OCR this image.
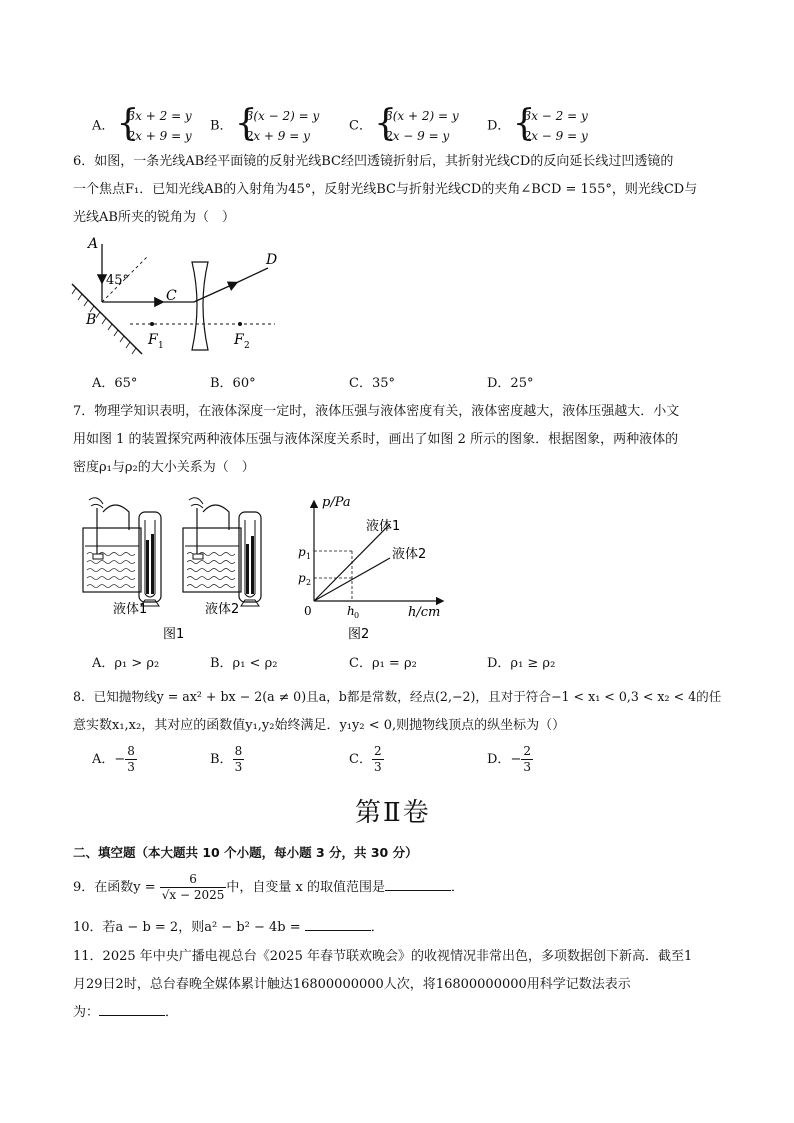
A． { 3x + 2 = y
2x + 9 = y
B． { 3(x − 2) = y
2x + 9 = y
C． { 3(x + 2) = y
2x − 9 = y
D． { 3x − 2 = y
2x − 9 = y
6．如图，一条光线AB经平面镜的反射光线BC经凹透镜折射后，其折射光线CD的反向延长线过凹透镜的
一个焦点F₁．已知光线AB的入射角为45°，反射光线BC与折射光线CD的夹角∠BCD = 155°，则光线CD与
光线AB所夹的锐角为（　）
A
B
C
D
45°
F 1	F 2
A．65°	B．60°	C．35°	D．25°
7．物理学知识表明，在液体深度一定时，液体压强与液体密度有关，液体密度越大，液体压强越大．小文
用如图 1 的装置探究两种液体压强与液体深度关系时，画出了如图 2 所示的图象．根据图象，两种液体的
密度ρ₁与ρ₂的大小关系为（　）
液体1	液体2
图1
p/Pa
h/cm
液体1
液体2
p 1
p 2
h 0
0
图2
A．ρ₁ > ρ₂	B．ρ₁ < ρ₂	C．ρ₁ = ρ₂	D．ρ₁ ≥ ρ₂
8．已知抛物线y = ax² + bx − 2(a ≠ 0)且a，b都是常数，经点(2,−2)，且对于符合−1 < x₁ < 0,3 < x₂ < 4的任
意实数x₁,x₂，其对应的函数值y₁,y₂始终满足．y₁y₂ < 0,则抛物线顶点的纵坐标为（）
A．− $\frac{8}{3}$	B． $\frac{8}{3}$	C． $\frac{2}{3}$	D．− $\frac{2}{3}$
第Ⅱ卷
二、填空题（本大题共 10 个小题，每小题 3 分，共 30 分）
9．在函数$y = \frac{6}{√x - 2025}$ 中，自变量 x 的取值范围是	．
10．若a − b = 2，则a² − b² − 4b =	．
11．2025 年中央广播电视总台《2025 年春节联欢晚会》的收视情况非常出色，多项数据创下新高．截至1
月29日2时，总台春晚全媒体累计触达16800000000人次，将16800000000用科学记数法表示
为：	．
